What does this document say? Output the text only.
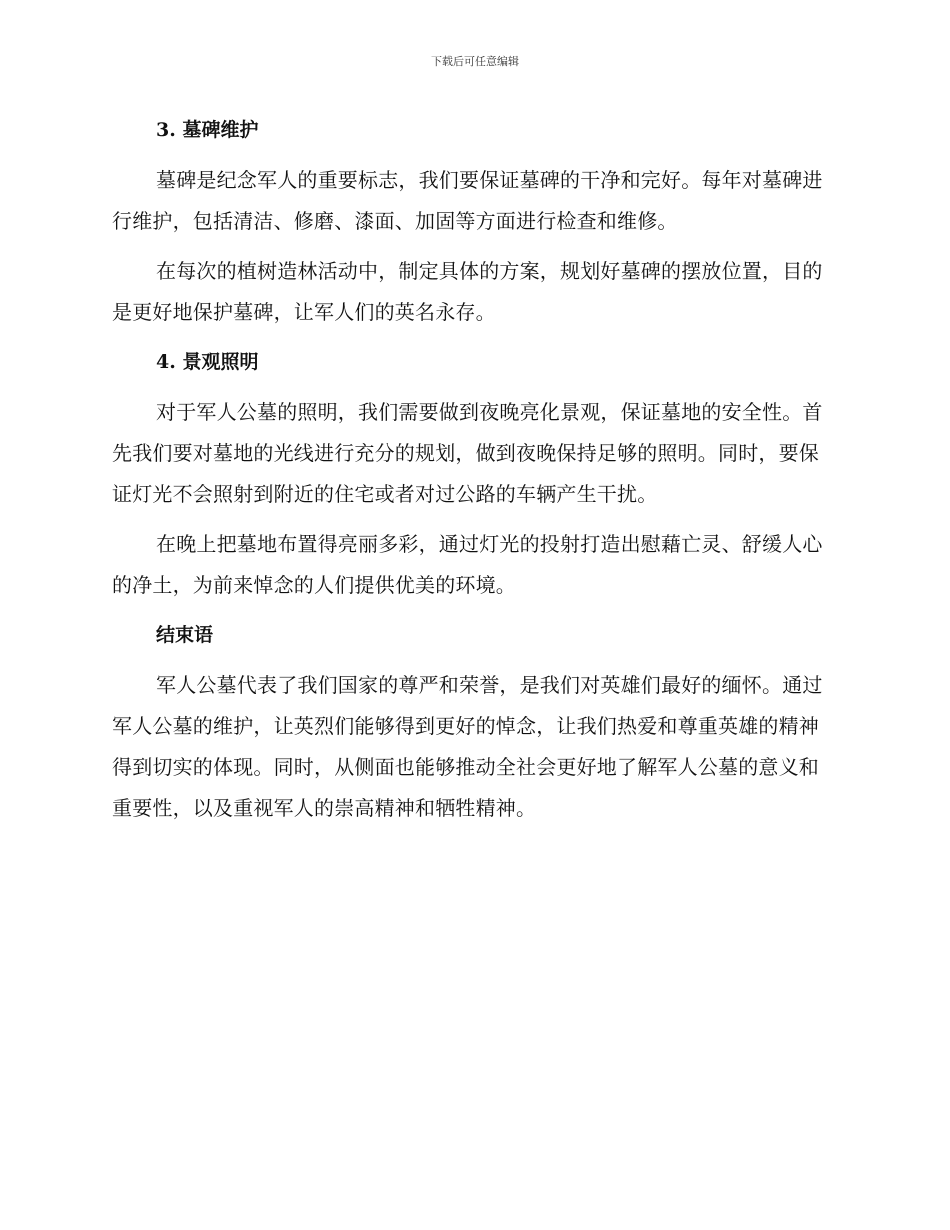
下载后可任意编辑
3. 墓碑维护

墓碑是纪念军人的重要标志，我们要保证墓碑的干净和完好。每年对墓碑进行维护，包括清洁、修磨、漆面、加固等方面进行检查和维修。

在每次的植树造林活动中，制定具体的方案，规划好墓碑的摆放位置，目的是更好地保护墓碑，让军人们的英名永存。

4. 景观照明

对于军人公墓的照明，我们需要做到夜晚亮化景观，保证墓地的安全性。首先我们要对墓地的光线进行充分的规划，做到夜晚保持足够的照明。同时，要保证灯光不会照射到附近的住宅或者对过公路的车辆产生干扰。

在晚上把墓地布置得亮丽多彩，通过灯光的投射打造出慰藉亡灵、舒缓人心的净土，为前来悼念的人们提供优美的环境。

结束语

军人公墓代表了我们国家的尊严和荣誉，是我们对英雄们最好的缅怀。通过军人公墓的维护，让英烈们能够得到更好的悼念，让我们热爱和尊重英雄的精神得到切实的体现。同时，从侧面也能够推动全社会更好地了解军人公墓的意义和重要性，以及重视军人的崇高精神和牺牲精神。
